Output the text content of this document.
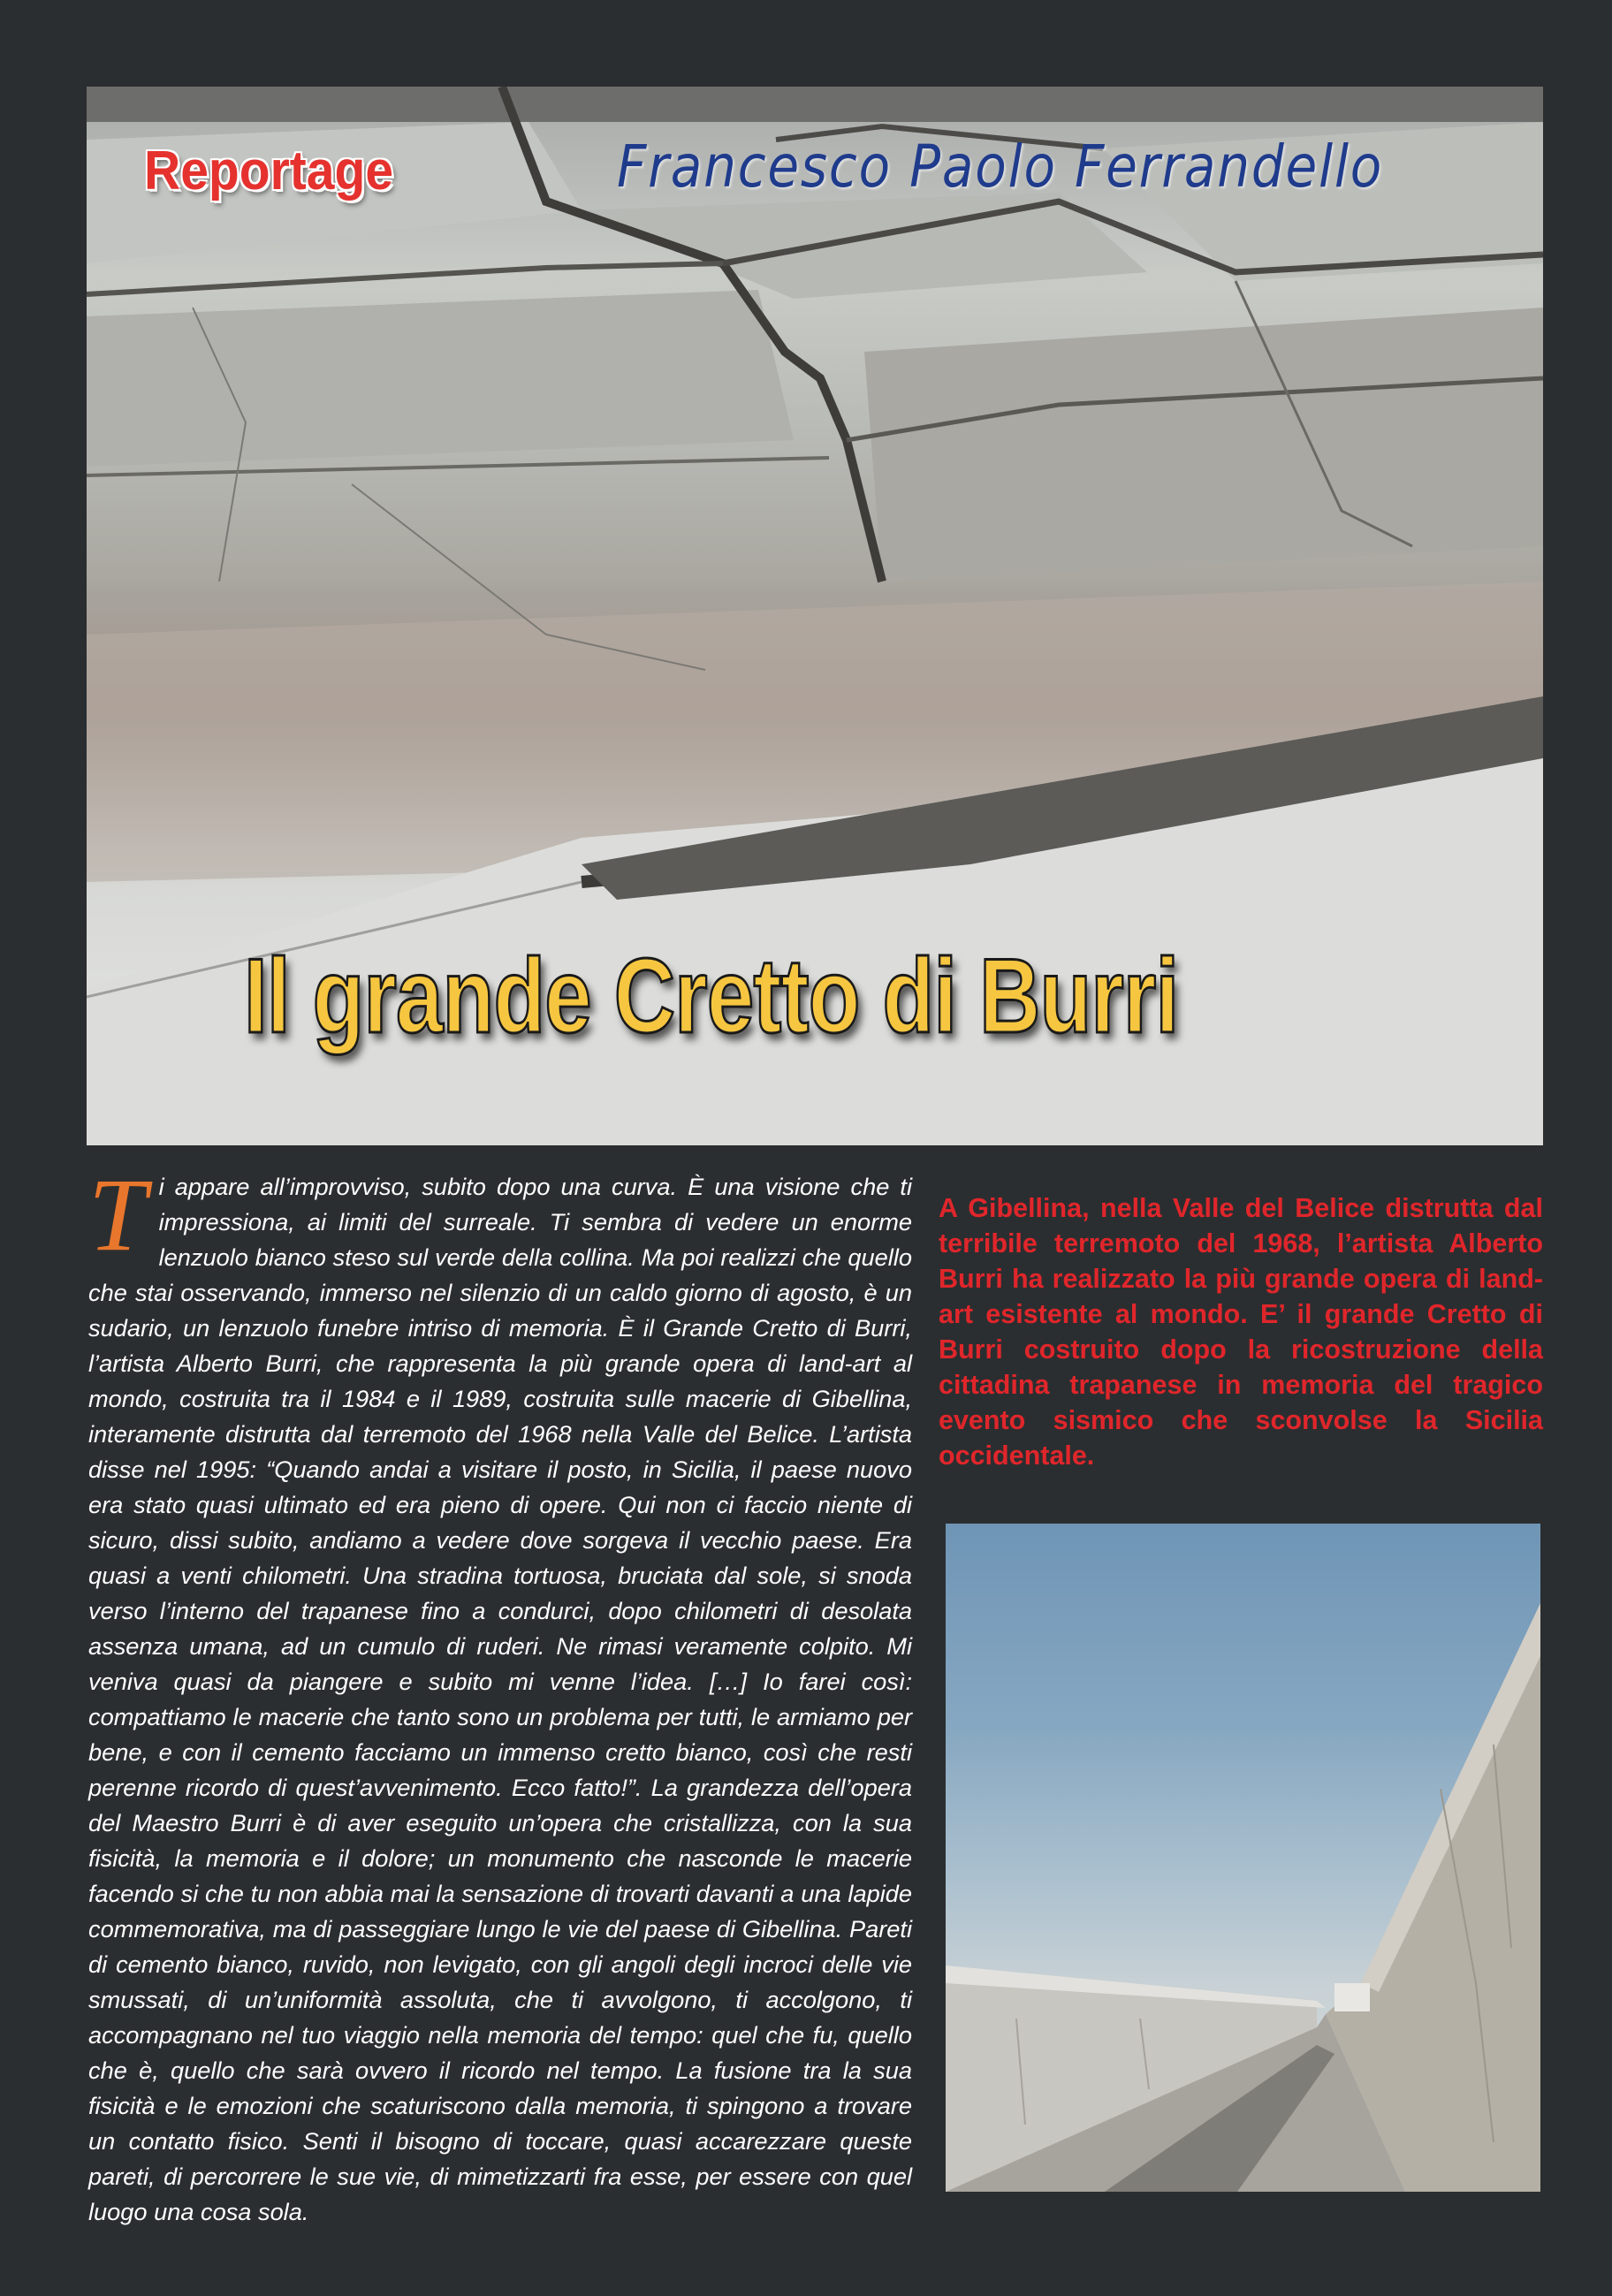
Reportage	Francesco Paolo Ferrandello
Il grande Cretto di Burri

Ti appare all’improvviso, subito dopo una curva. È una visione che ti impressiona, ai limiti del surreale. Ti sembra di vedere un enorme lenzuolo bianco steso sul verde della collina. Ma poi realizzi che quello che stai osservando, immerso nel silenzio di un caldo giorno di agosto, è un sudario, un lenzuolo funebre intriso di memoria. È il Grande Cretto di Burri, l’artista Alberto Burri, che rappresenta la più grande opera di land-art al mondo, costruita tra il 1984 e il 1989, costruita sulle macerie di Gibellina, interamente distrutta dal terremoto del 1968 nella Valle del Belice. L’artista disse nel 1995: “Quando andai a visitare il posto, in Sicilia, il paese nuovo era stato quasi ultimato ed era pieno di opere. Qui non ci faccio niente di sicuro, dissi subito, andiamo a vedere dove sorgeva il vecchio paese. Era quasi a venti chilometri. Una stradina tortuosa, bruciata dal sole, si snoda verso l’interno del trapanese fino a condurci, dopo chilometri di desolata assenza umana, ad un cumulo di ruderi. Ne rimasi veramente colpito. Mi veniva quasi da piangere e subito mi venne l’idea. […] Io farei così: compattiamo le macerie che tanto sono un problema per tutti, le armiamo per bene, e con il cemento facciamo un immenso cretto bianco, così che resti perenne ricordo di quest’avvenimento. Ecco fatto!”. La grandezza dell’opera del Maestro Burri è di aver eseguito un’opera che cristallizza, con la sua fisicità, la memoria e il dolore; un monumento che nasconde le macerie facendo si che tu non abbia mai la sensazione di trovarti davanti a una lapide commemorativa, ma di passeggiare lungo le vie del paese di Gibellina. Pareti di cemento bianco, ruvido, non levigato, con gli angoli degli incroci delle vie smussati, di un’uniformità assoluta, che ti avvolgono, ti accolgono, ti accompagnano nel tuo viaggio nella memoria del tempo: quel che fu, quello che è, quello che sarà ovvero il ricordo nel tempo. La fusione tra la sua fisicità e le emozioni che scaturiscono dalla memoria, ti spingono a trovare un contatto fisico. Senti il bisogno di toccare, quasi accarezzare queste pareti, di percorrere le sue vie, di mimetizzarti fra esse, per essere con quel luogo una cosa sola.

A Gibellina, nella Valle del Belice distrutta dal terribile terremoto del 1968, l’artista Alberto Burri ha realizzato la più grande opera di land-art esistente al mondo. E’ il grande Cretto di Burri costruito dopo la ricostruzione della cittadina trapanese in memoria del tragico evento sismico che sconvolse la Sicilia occidentale.
